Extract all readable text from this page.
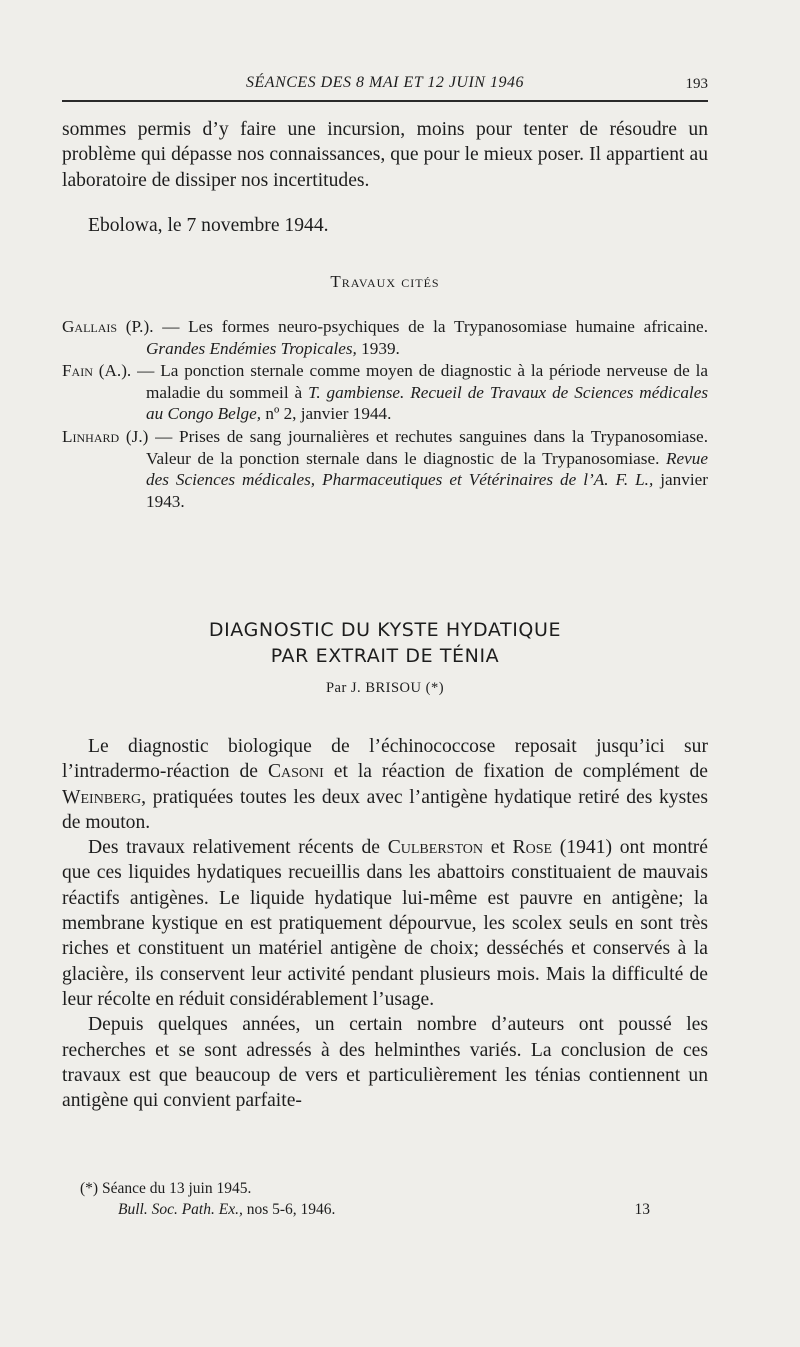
SÉANCES DES 8 MAI ET 12 JUIN 1946	193

sommes permis d’y faire une incursion, moins pour tenter de résoudre un problème qui dépasse nos connaissances, que pour le mieux poser. Il appartient au laboratoire de dissiper nos incertitudes.

Ebolowa, le 7 novembre 1944.

Travaux cités

Gallais (P.). — Les formes neuro-psychiques de la Trypanosomiase humaine africaine. Grandes Endémies Tropicales, 1939.

Fain (A.). — La ponction sternale comme moyen de diagnostic à la période nerveuse de la maladie du sommeil à T. gambiense. Recueil de Travaux de Sciences médicales au Congo Belge, nº 2, janvier 1944.

Linhard (J.) — Prises de sang journalières et rechutes sanguines dans la Trypanosomiase. Valeur de la ponction sternale dans le diagnostic de la Trypanosomiase. Revue des Sciences médicales, Pharmaceutiques et Vétérinaires de l’A. F. L., janvier 1943.

DIAGNOSTIC DU KYSTE HYDATIQUE
PAR EXTRAIT DE TÉNIA
Par J. BRISOU (*)

Le diagnostic biologique de l’échinococcose reposait jusqu’ici sur l’intradermo-réaction de Casoni et la réaction de fixation de complément de Weinberg, pratiquées toutes les deux avec l’antigène hydatique retiré des kystes de mouton.

Des travaux relativement récents de Culberston et Rose (1941) ont montré que ces liquides hydatiques recueillis dans les abattoirs constituaient de mauvais réactifs antigènes. Le liquide hydatique lui-même est pauvre en antigène; la membrane kystique en est pratiquement dépourvue, les scolex seuls en sont très riches et constituent un matériel antigène de choix; desséchés et conservés à la glacière, ils conservent leur activité pendant plusieurs mois. Mais la difficulté de leur récolte en réduit considérablement l’usage.

Depuis quelques années, un certain nombre d’auteurs ont poussé les recherches et se sont adressés à des helminthes variés. La conclusion de ces travaux est que beaucoup de vers et particulièrement les ténias contiennent un antigène qui convient parfaite-

(*) Séance du 13 juin 1945.
Bull. Soc. Path. Ex., nos 5-6, 1946.	13
